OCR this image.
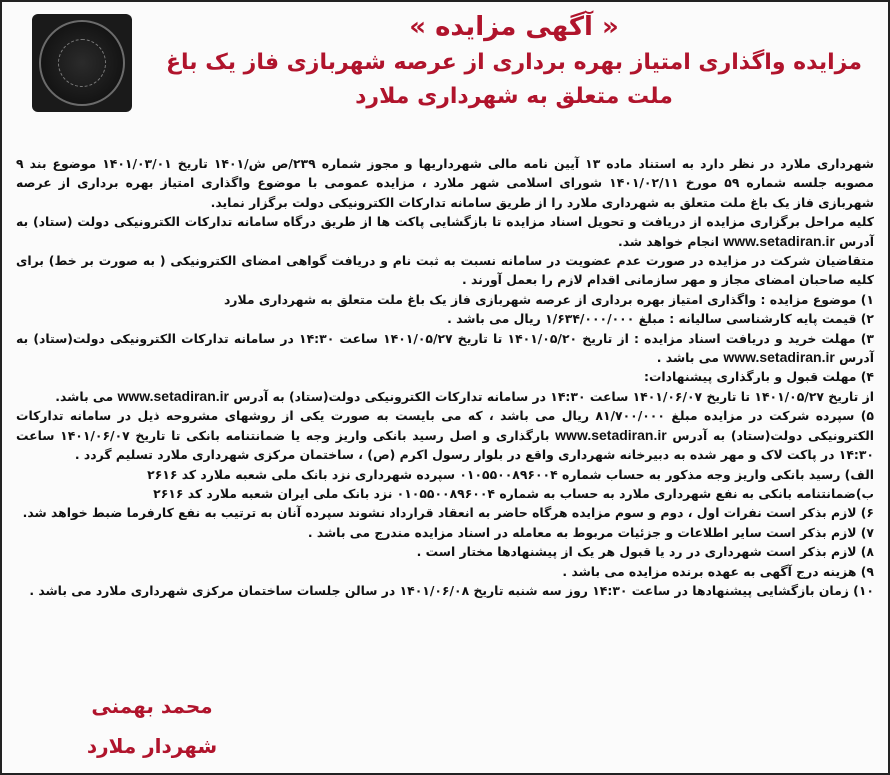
« آگهی مزایده »
مزایده واگذاری امتیاز بهره برداری از عرصه شهربازی فاز یک باغ
ملت متعلق به شهرداری ملارد

شهرداری ملارد در نظر دارد به استناد ماده ۱۳ آیین نامه مالی شهرداریها و مجوز شماره ۲۳۹/ص ش/۱۴۰۱ تاریخ ۱۴۰۱/۰۳/۰۱ موضوع بند ۹ مصوبه جلسه شماره ۵۹ مورخ ۱۴۰۱/۰۲/۱۱ شورای اسلامی شهر ملارد ، مزایده عمومی با موضوع واگذاری امتیاز بهره برداری از عرصه شهربازی فاز یک باغ ملت متعلق به شهرداری ملارد را از طریق سامانه تدارکات الکترونیکی دولت برگزار نماید.

کلیه مراحل برگزاری مزایده از دریافت و تحویل اسناد مزایده تا بازگشایی پاکت ها از طریق درگاه سامانه تدارکات الکترونیکی دولت (ستاد) به آدرس www.setadiran.ir انجام خواهد شد.

متقاضیان شرکت در مزایده در صورت عدم عضویت در سامانه نسبت به ثبت نام و دریافت گواهی امضای الکترونیکی ( به صورت بر خط) برای کلیه صاحبان امضای مجاز و مهر سازمانی اقدام لازم را بعمل آورند .

۱) موضوع مزایده : واگذاری امتیاز بهره برداری از عرصه شهربازی فاز یک باغ ملت متعلق به شهرداری ملارد

۲) قیمت پایه کارشناسی سالیانه : مبلغ ۱/۶۳۴/۰۰۰/۰۰۰ ریال می باشد .

۳) مهلت خرید و دریافت اسناد مزایده : از تاریخ ۱۴۰۱/۰۵/۲۰ تا تاریخ ۱۴۰۱/۰۵/۲۷ ساعت ۱۴:۳۰ در سامانه تدارکات الکترونیکی دولت(ستاد) به آدرس www.setadiran.ir می باشد .

۴) مهلت قبول و بارگذاری پیشنهادات:

از تاریخ ۱۴۰۱/۰۵/۲۷ تا تاریخ ۱۴۰۱/۰۶/۰۷ ساعت ۱۴:۳۰ در سامانه تدارکات الکترونیکی دولت(ستاد) به آدرس www.setadiran.ir می باشد.

۵) سپرده شرکت در مزایده مبلغ ۸۱/۷۰۰/۰۰۰ ریال می باشد ، که می بایست به صورت یکی از روشهای مشروحه ذیل در سامانه تدارکات الکترونیکی دولت(ستاد) به آدرس www.setadiran.ir بارگذاری و اصل رسید بانکی واریز وجه یا ضمانتنامه بانکی تا تاریخ ۱۴۰۱/۰۶/۰۷ ساعت ۱۴:۳۰ در پاکت لاک و مهر شده به دبیرخانه شهرداری واقع در بلوار رسول اکرم (ص) ، ساختمان مرکزی شهرداری ملارد تسلیم گردد .

الف) رسید بانکی واریز وجه مذکور به حساب شماره ۰۱۰۵۵۰۰۸۹۶۰۰۴ سپرده شهرداری نزد بانک ملی شعبه ملارد کد ۲۶۱۶

ب)ضمانتنامه بانکی به نفع شهرداری ملارد به حساب به شماره ۰۱۰۵۵۰۰۸۹۶۰۰۴ نزد بانک ملی ایران شعبه ملارد کد ۲۶۱۶

۶) لازم بذکر است نفرات اول ، دوم و سوم مزایده هرگاه حاضر به انعقاد قرارداد نشوند سپرده آنان به ترتیب به نفع کارفرما ضبط خواهد شد.

۷) لازم بذکر است سایر اطلاعات و جزئیات مربوط به معامله در اسناد مزایده مندرج می باشد .

۸) لازم بذکر است شهرداری در رد یا قبول هر یک از پیشنهادها مختار است .

۹) هزینه درج آگهی به عهده برنده مزایده می باشد .

۱۰) زمان بازگشایی پیشنهادها در ساعت ۱۴:۳۰ روز سه شنبه تاریخ ۱۴۰۱/۰۶/۰۸ در سالن جلسات ساختمان مرکزی شهرداری ملارد می باشد .

محمد بهمنی
شهردار ملارد
